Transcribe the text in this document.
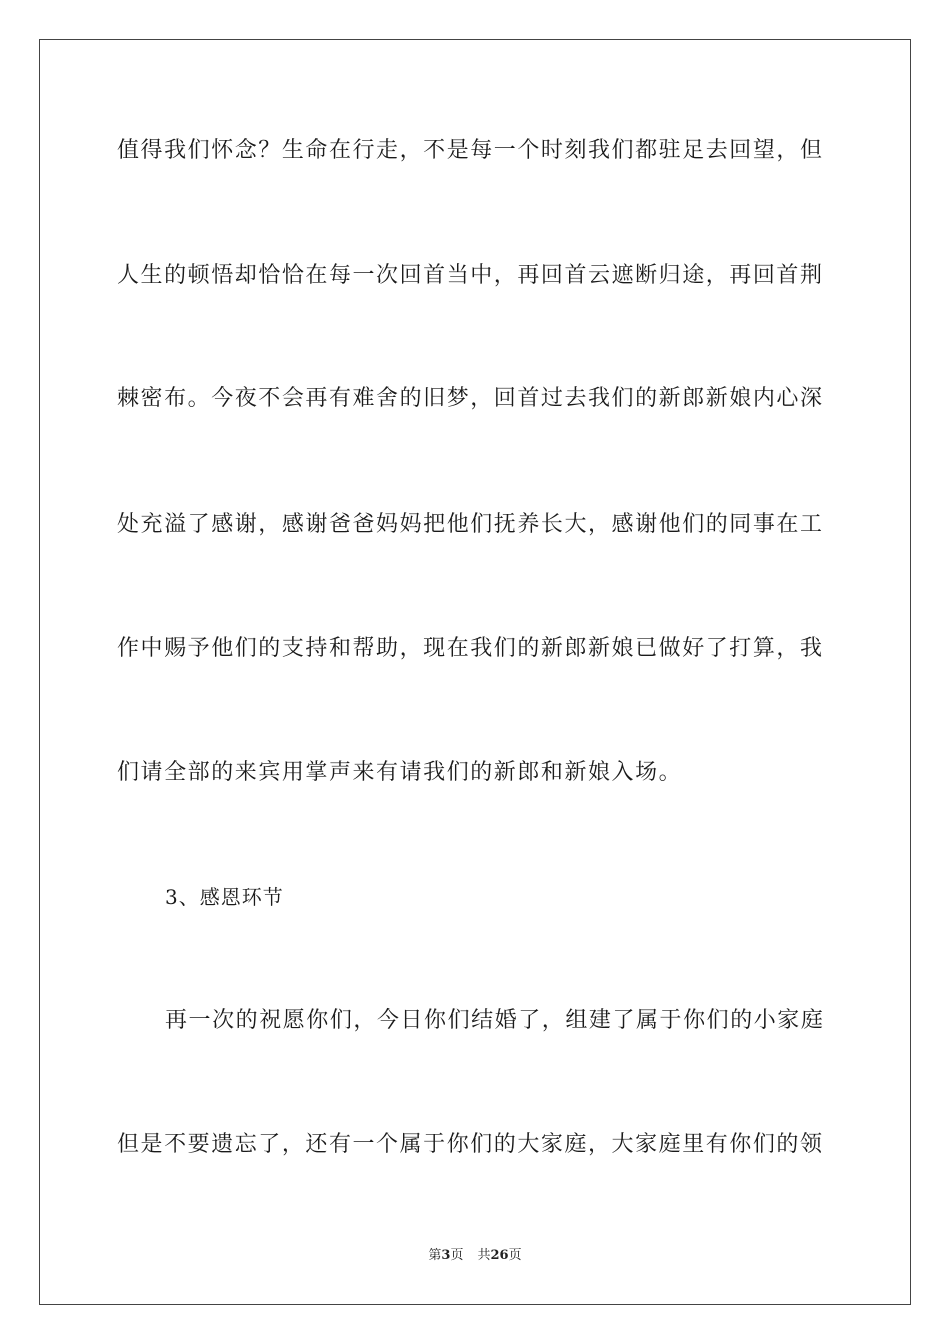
值得我们怀念？生命在行走，不是每一个时刻我们都驻足去回望，但
人生的顿悟却恰恰在每一次回首当中，再回首云遮断归途，再回首荆
棘密布。今夜不会再有难舍的旧梦，回首过去我们的新郎新娘内心深
处充溢了感谢，感谢爸爸妈妈把他们抚养长大，感谢他们的同事在工
作中赐予他们的支持和帮助，现在我们的新郎新娘已做好了打算，我
们请全部的来宾用掌声来有请我们的新郎和新娘入场。
3、感恩环节
再一次的祝愿你们，今日你们结婚了，组建了属于你们的小家庭
但是不要遗忘了，还有一个属于你们的大家庭，大家庭里有你们的领
第3页 共26页
